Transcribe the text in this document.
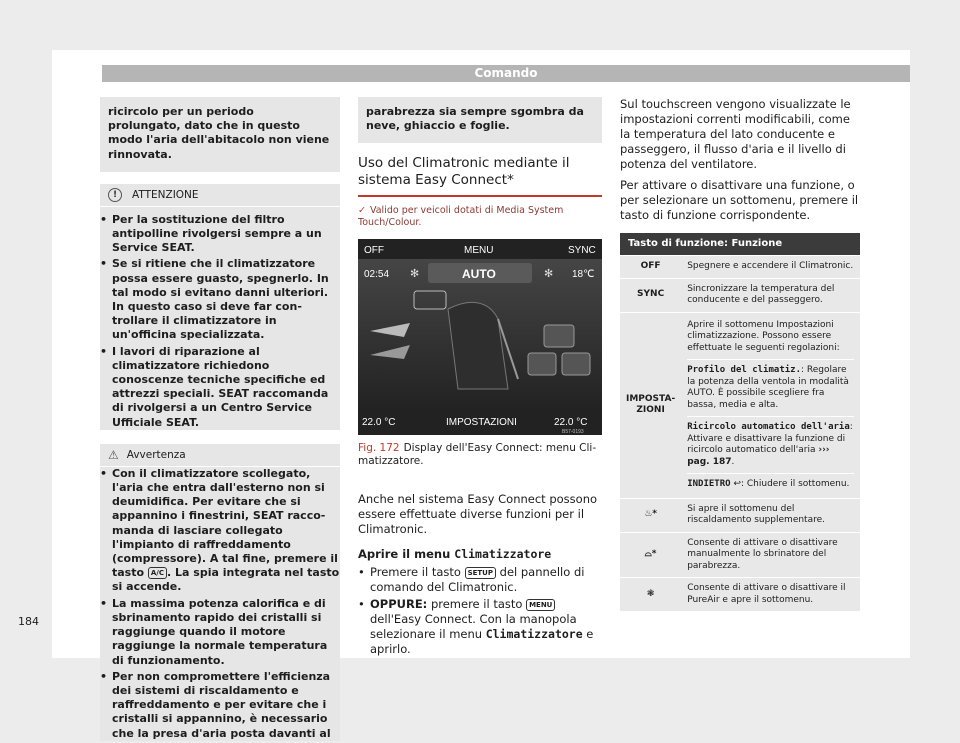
Comando
ricircolo per un periodo prolungato, dato che in questo modo l'aria dell'abitacolo non viene rinnovata.
!	ATTENZIONE
• Per la sostituzione del filtro antipolline rivolgersi sempre a un Service SEAT.
• Se si ritiene che il climatizzatore possa essere guasto, spegnerlo. In tal modo si evitano danni ulteriori. In questo caso si deve far controllare il climatizzatore in un'officina specializzata.
• I lavori di riparazione al climatizzatore richiedono conoscenze tecniche specifiche ed attrezzi speciali. SEAT raccomanda di rivolgersi a un Centro Service Ufficiale SEAT.
⚠ Avvertenza
• Con il climatizzatore scollegato, l'aria che entra dall'esterno non si deumidifica. Per evitare che si appannino i finestrini, SEAT raccomanda di lasciare collegato l'impianto di raffreddamento (compressore). A tal fine, premere il tasto A/C . La spia integrata nel tasto si accende.
• La massima potenza calorifica e di sbrinamento rapido dei cristalli si raggiunge quando il motore raggiunge la normale temperatura di funzionamento.
• Per non compromettere l'efficienza dei sistemi di riscaldamento e raffreddamento e per evitare che i cristalli si appannino, è necessario che la presa d'aria posta davanti al
parabrezza sia sempre sgombra da neve, ghiaccio e foglie.
Uso del Climatronic mediante il sistema Easy Connect*
✓ Valido per veicoli dotati di Media System Touch/Colour.
OFF	MENU	SYNC
02:54 ✻	AUTO	✻ 18℃
22.0 °C	IMPOSTAZIONI	22.0 °C
B57-0193
Fig. 172 Display dell'Easy Connect: menu Climatizzatore.

Anche nel sistema Easy Connect possono essere effettuate diverse funzioni per il Climatronic.

Aprire il menu Climatizzatore

• Premere il tasto SETUP del pannello di comando del Climatronic.
• OPPURE: premere il tasto MENU dell'Easy Connect. Con la manopola selezionare il menu Climatizzatore e aprirlo.

Sul touchscreen vengono visualizzate le impostazioni correnti modificabili, come la temperatura del lato conducente e passeggero, il flusso d'aria e il livello di potenza del ventilatore.

Per attivare o disattivare una funzione, o per selezionare un sottomenu, premere il tasto di funzione corrispondente.

Tasto di funzione: Funzione	
OFF	Spegnere e accendere il Climatronic.
SYNC	Sincronizzare la temperatura del conducente e del passeggero.
IMPOSTAZIONI	Aprire il sottomenu Impostazioni climatizzazione. Possono essere effettuate le seguenti regolazioni:
Profilo del climatiz.: Regolare la potenza della ventola in modalità AUTO. È possibile scegliere fra bassa, media e alta.
Ricircolo automatico dell'aria: Attivare e disattivare la funzione di ricircolo automatico dell'aria ››› pag. 187.
INDIETRO ↩: Chiudere il sottomenu.

♨*	Si apre il sottomenu del riscaldamento supplementare.
⌓*	Consente di attivare o disattivare manualmente lo sbrinatore del parabrezza.
❃	Consente di attivare o disattivare il PureAir e apre il sottomenu.
184
